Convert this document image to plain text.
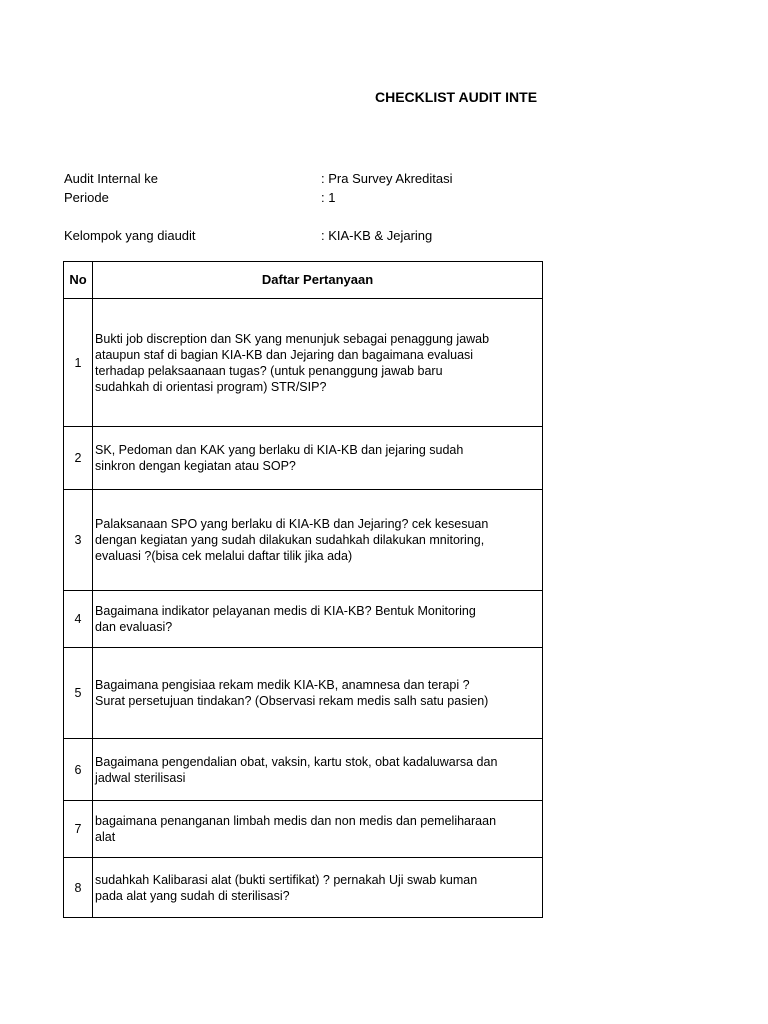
CHECKLIST AUDIT INTE
Audit Internal ke	: Pra Survey Akreditasi
Periode	: 1
Kelompok yang diaudit	: KIA-KB & Jejaring
No	Daftar Pertanyaan
1	Bukti job discreption dan SK yang menunjuk sebagai penaggung jawab
ataupun staf di bagian KIA-KB dan Jejaring dan bagaimana evaluasi
terhadap pelaksaanaan tugas? (untuk penanggung jawab baru
sudahkah di orientasi program) STR/SIP?

2	SK, Pedoman dan KAK yang berlaku di KIA-KB dan jejaring sudah
sinkron dengan kegiatan atau SOP?

3	Palaksanaan SPO yang berlaku di KIA-KB dan Jejaring? cek kesesuan
dengan kegiatan yang sudah dilakukan sudahkah dilakukan mnitoring,
evaluasi ?(bisa cek melalui daftar tilik jika ada)

4	Bagaimana indikator pelayanan medis di KIA-KB? Bentuk Monitoring
dan evaluasi?

5	Bagaimana pengisiaa rekam medik KIA-KB, anamnesa dan terapi ?
Surat persetujuan tindakan? (Observasi rekam medis salh satu pasien)

6	Bagaimana pengendalian obat, vaksin, kartu stok, obat kadaluwarsa dan
jadwal sterilisasi

7	bagaimana penanganan limbah medis dan non medis dan pemeliharaan
alat

8	sudahkah Kalibarasi alat (bukti sertifikat) ? pernakah Uji swab kuman
pada alat yang sudah di sterilisasi?
